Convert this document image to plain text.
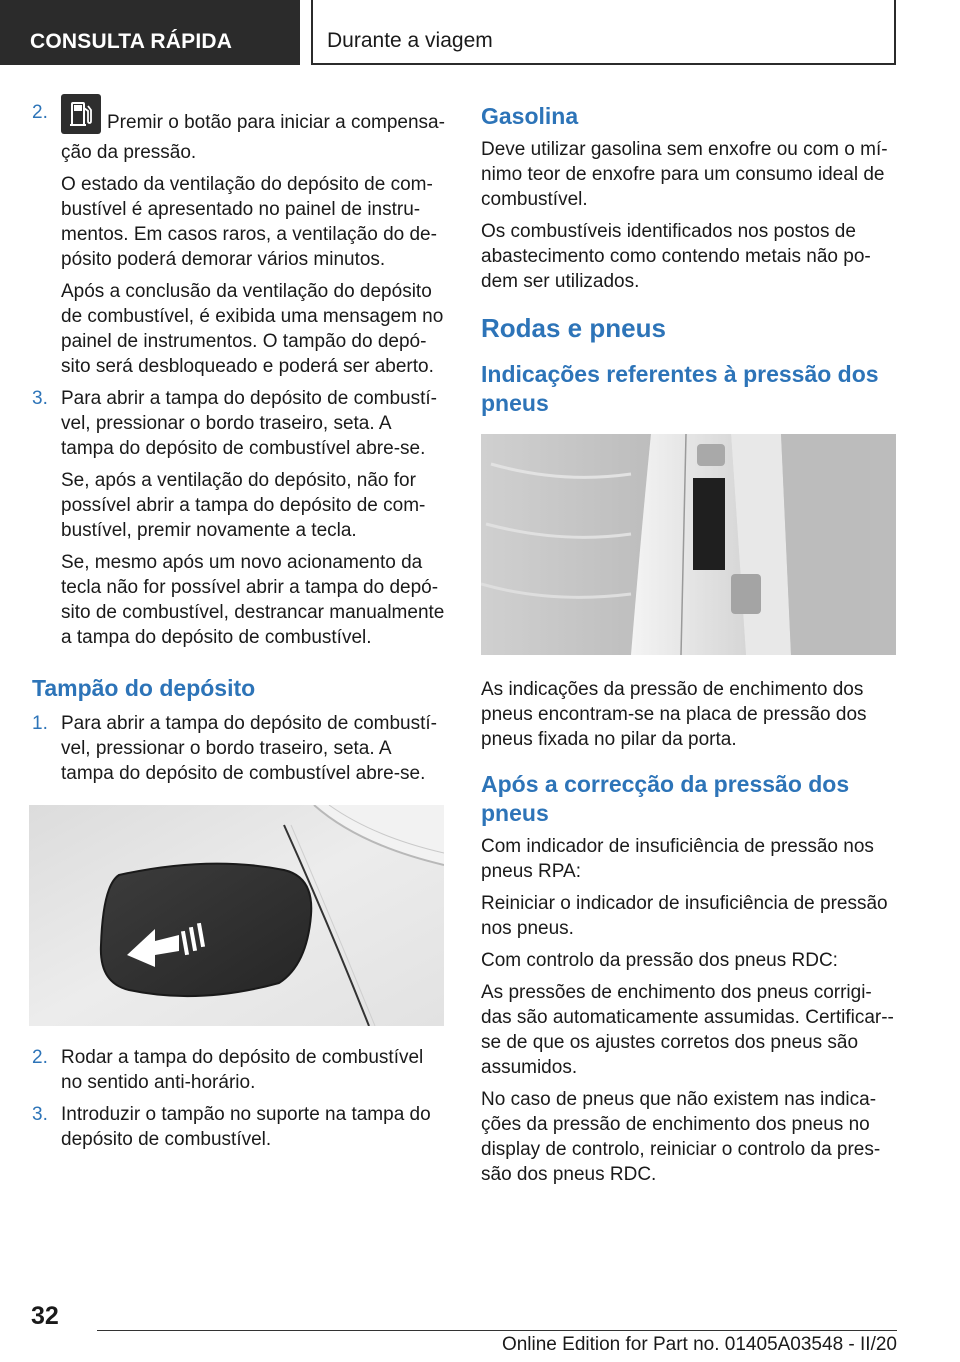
CONSULTA RÁPIDA	Durante a viagem
2.	Premir o botão para iniciar a compensa-ção da pressão.
O estado da ventilação do depósito de com-bustível é apresentado no painel de instru-mentos. Em casos raros, a ventilação do de-pósito poderá demorar vários minutos.
Após a conclusão da ventilação do depósito de combustível, é exibida uma mensagem no painel de instrumentos. O tampão do depó-sito será desbloqueado e poderá ser aberto.
3. Para abrir a tampa do depósito de combustí-vel, pressionar o bordo traseiro, seta. A tampa do depósito de combustível abre-se.
Se, após a ventilação do depósito, não for possível abrir a tampa do depósito de com-bustível, premir novamente a tecla.
Se, mesmo após um novo acionamento da tecla não for possível abrir a tampa do depó-sito de combustível, destrancar manualmente a tampa do depósito de combustível.
Tampão do depósito
1. Para abrir a tampa do depósito de combustí-vel, pressionar o bordo traseiro, seta. A tampa do depósito de combustível abre-se.
2. Rodar a tampa do depósito de combustível no sentido anti-horário.
3. Introduzir o tampão no suporte na tampa do depósito de combustível.
Gasolina
Deve utilizar gasolina sem enxofre ou com o mí-nimo teor de enxofre para um consumo ideal de combustível.
Os combustíveis identificados nos postos de abastecimento como contendo metais não po-dem ser utilizados.
Rodas e pneus
Indicações referentes à pressão dos pneus
As indicações da pressão de enchimento dos pneus encontram-se na placa de pressão dos pneus fixada no pilar da porta.
Após a correcção da pressão dos pneus
Com indicador de insuficiência de pressão nos pneus RPA:
Reiniciar o indicador de insuficiência de pressão nos pneus.
Com controlo da pressão dos pneus RDC:
As pressões de enchimento dos pneus corrigi-das são automaticamente assumidas. Certificar--se de que os ajustes corretos dos pneus são assumidos.
No caso de pneus que não existem nas indica-ções da pressão de enchimento dos pneus no display de controlo, reiniciar o controlo da pres-são dos pneus RDC.
32
Online Edition for Part no. 01405A03548 - II/20
